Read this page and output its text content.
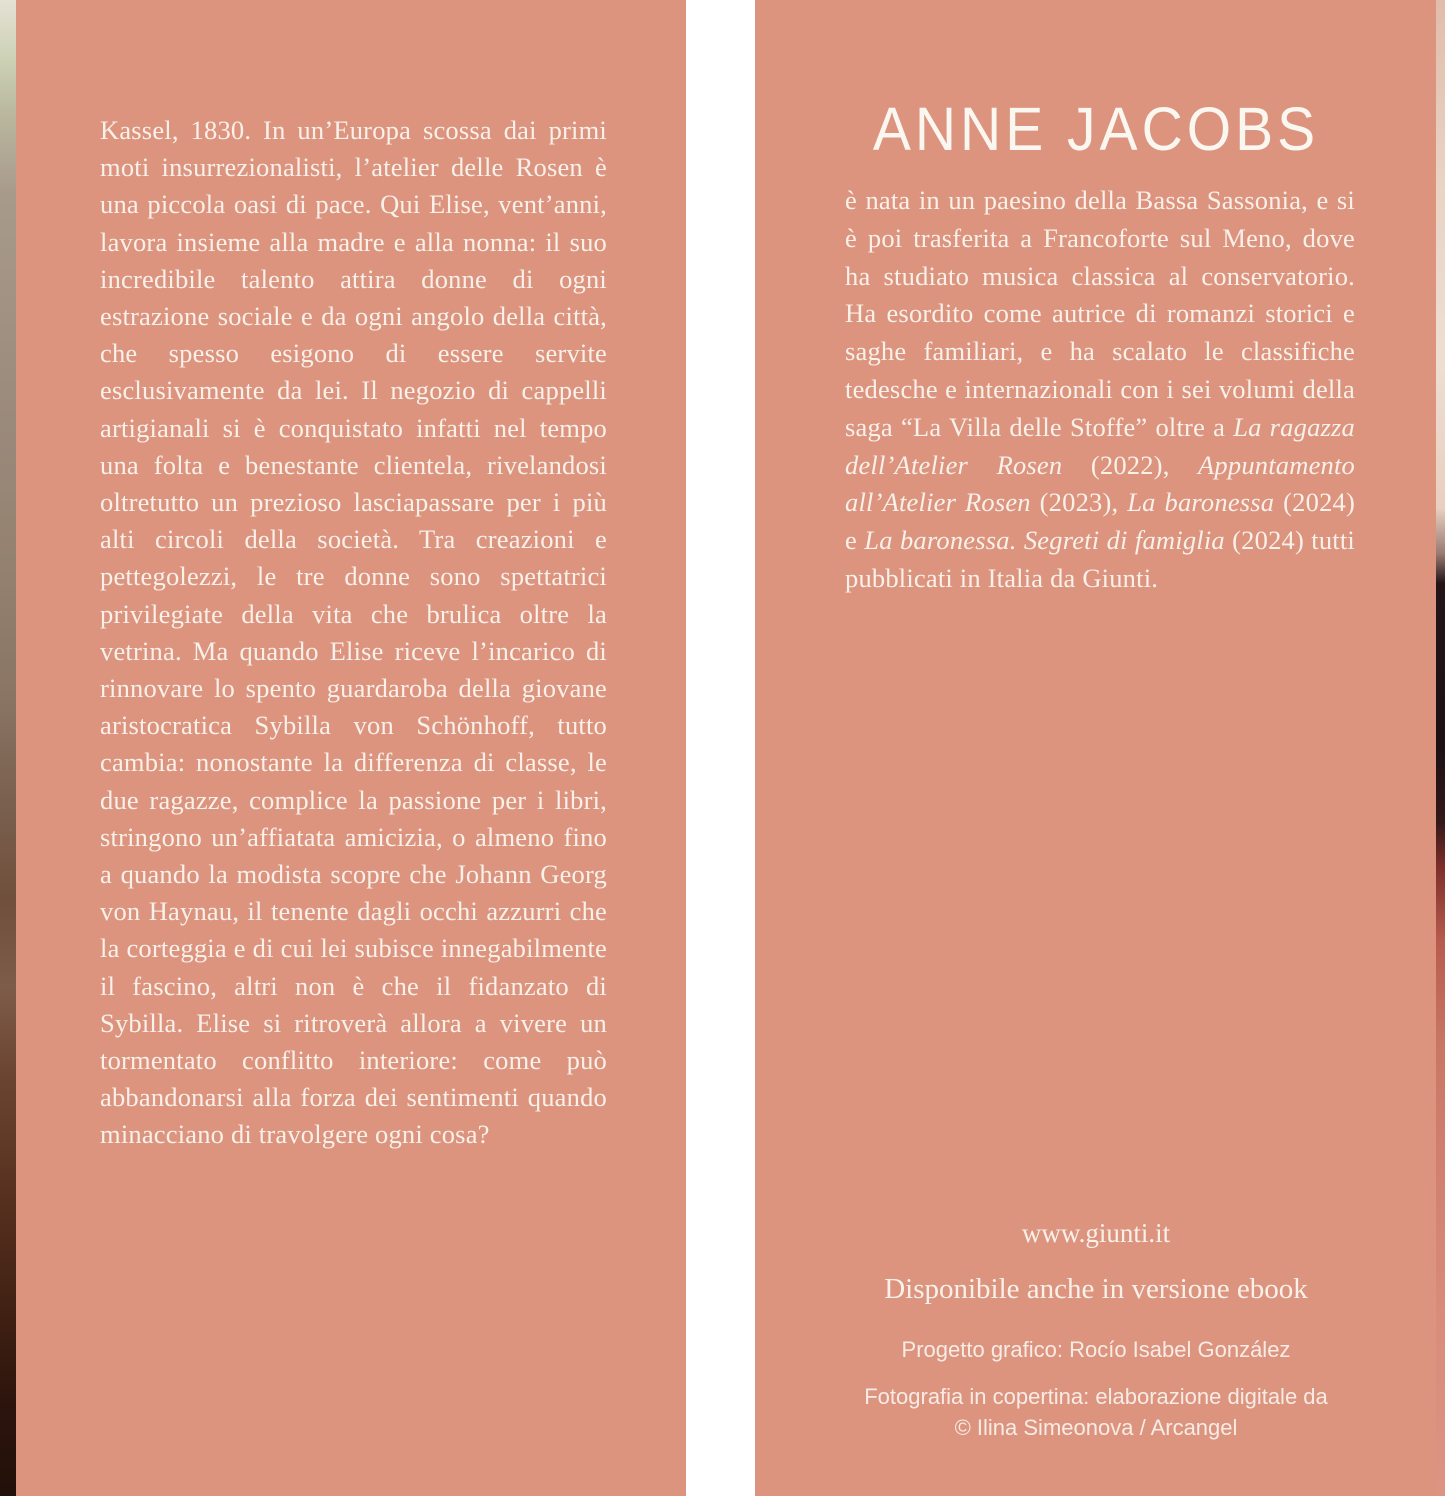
Kassel, 1830. In un’Europa scossa dai primi moti insurrezionalisti, l’atelier delle Rosen è una piccola oasi di pace. Qui Elise, vent’anni, lavora insieme alla madre e alla nonna: il suo incredibile talento attira donne di ogni estrazione sociale e da ogni angolo della città, che spesso esigono di essere servite esclusivamente da lei. Il negozio di cappelli artigianali si è conquistato infatti nel tempo una folta e benestante clientela, rivelandosi oltretutto un prezioso lasciapassare per i più alti circoli della società. Tra creazioni e pettegolezzi, le tre donne sono spettatrici privilegiate della vita che brulica oltre la vetrina. Ma quando Elise riceve l’incarico di rinnovare lo spento guardaroba della giovane aristocratica Sybilla von Schönhoff, tutto cambia: nonostante la differenza di classe, le due ragazze, complice la passione per i libri, stringono un’affiatata amicizia, o almeno fino a quando la modista scopre che Johann Georg von Haynau, il tenente dagli occhi azzurri che la corteggia e di cui lei subisce innegabilmente il fascino, altri non è che il fidanzato di Sybilla. Elise si ritroverà allora a vivere un tormentato conflitto interiore: come può abbandonarsi alla forza dei sentimenti quando minacciano di travolgere ogni cosa?

ANNE JACOBS

è nata in un paesino della Bassa Sassonia, e si è poi trasferita a Francoforte sul Meno, dove ha studiato musica classica al conservatorio. Ha esordito come autrice di romanzi storici e saghe familiari, e ha scalato le classifiche tedesche e internazionali con i sei volumi della saga “La Villa delle Stoffe” oltre a La ragazza dell’Atelier Rosen (2022), Appuntamento all’Atelier Rosen (2023), La baronessa (2024) e La baronessa. Segreti di famiglia (2024) tutti pubblicati in Italia da Giunti.

www.giunti.it
Disponibile anche in versione ebook
Progetto grafico: Rocío Isabel González
Fotografia in copertina: elaborazione digitale da
© Ilina Simeonova / Arcangel
